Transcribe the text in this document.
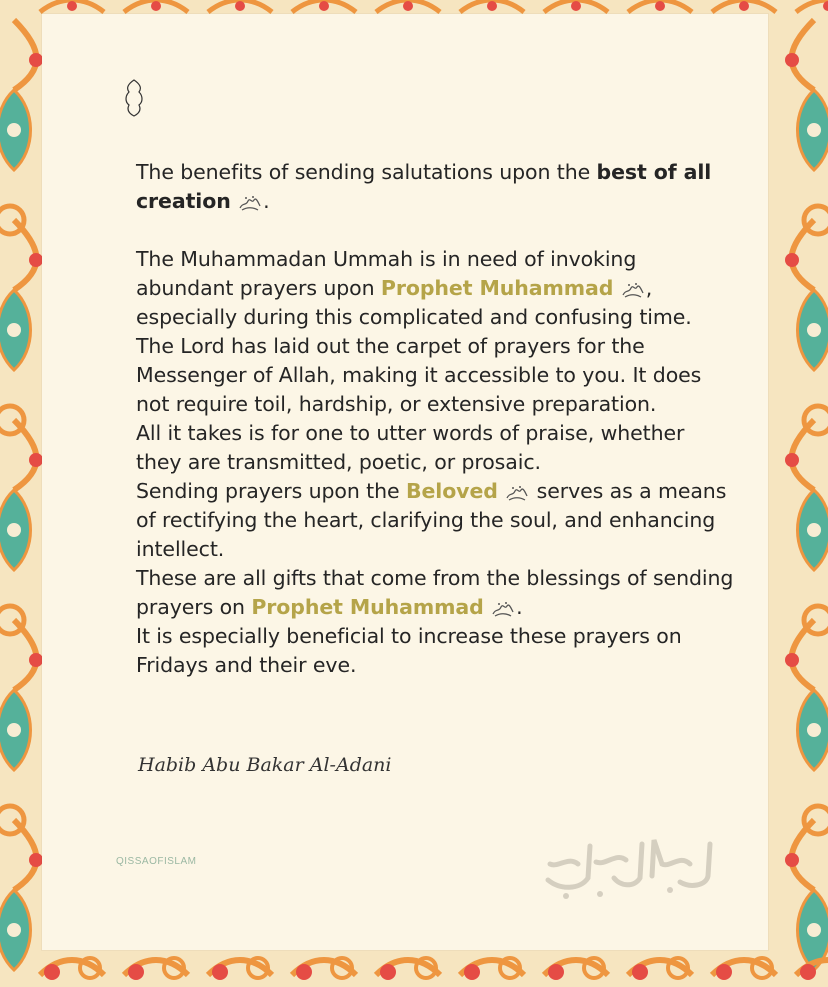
The benefits of sending salutations upon the best of all creation .

The Muhammadan Ummah is in need of invoking abundant prayers upon Prophet Muhammad , especially during this complicated and confusing time.

The Lord has laid out the carpet of prayers for the Messenger of Allah, making it accessible to you. It does not require toil, hardship, or extensive preparation.

All it takes is for one to utter words of praise, whether they are transmitted, poetic, or prosaic.

Sending prayers upon the Beloved  serves as a means of rectifying the heart, clarifying the soul, and enhancing intellect.

These are all gifts that come from the blessings of sending prayers on Prophet Muhammad .

It is especially beneficial to increase these prayers on Fridays and their eve.

Habib Abu Bakar Al-Adani
QISSAOFISLAM
